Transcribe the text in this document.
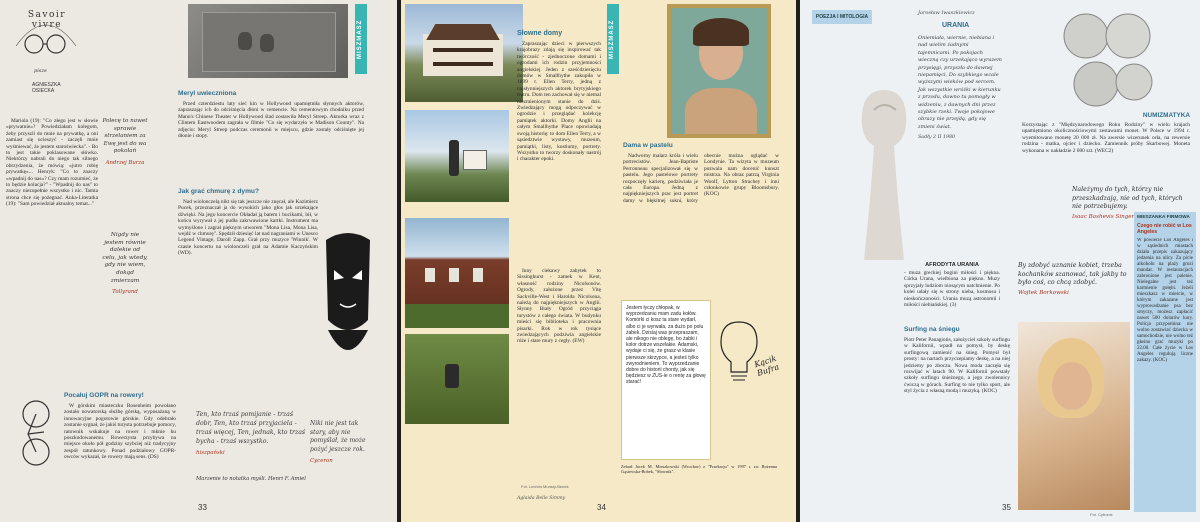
Savoir vivre
pisze
AGNIESZKA OSIECKA
MISZMASZ

Mariola (19): "Co złego jest w słowie «prywatnie»? Powiedziałam kolegom, żeby przyszli do mnie na prywatkę, a oni zamiast się ucieszyć - zaczęli mnie wyśmiewać, że jestem staroświecka". - Bo to jest takie poklasowane słówko. Niektórzy nabrali do niego tak silnego obrzydzenia, że mówią: «jutro robię prywatkę»... Henryk: "Co to znaczy «wpadnij do nas»? Czy mam rozumieć, że to będzie kolacja?" - "Wpadnij do nas" to znaczy niezupełnie wszystko i nic. Tamta strona chce się pożegnać. Anka-Literatka (19): "Sam powiedział aktualny temat..."

Polecę to nawet sprawie strzelaniem za Ewę jest do wa pokolań
Andrzej Burza
Nigdy nie jestem równie dalekie od celu, jak wtedy, gdy nie wiem, dokąd zmierzam
Tollyrand
Meryl uwieczniona

Przed czterdziestu laty sieć kin w Hollywood upamiętniła słynnych aktorów, zapraszając ich do odciśnięcia dłoni w cemencie. Na cementowym chodniku przed Mann's Chinese Theater w Hollywood ślad zostawiła Meryl Streep. Aktorka wraz z Clintem Eastwoodem zagrała w filmie "Co się wydarzyło w Madison County". Na zdjęciu: Meryl Streep podczas ceremonii w miejscu, gdzie zostały odciśnięte jej dłonie i stopy.

Jak grać chmurę z dymu?

Nad wiolonczelą nikt się tak jeszcze nie znęcał, ale Kazimierz Pucek, przeznaczał ja do wysokich jako głos jak urzekające dźwięki. Na jego koncercie Okładał ją batem i bucikami, bił, w końcu wyrywał z jej pudła zakrwawione kartki. Instrument ma wymyślone i zagrał pięknym utworem "Mona Lisa, Mona Lisa, wejdź w chmurę". Spędził dziesięć lat nad nagraniami w Unesco Legend Vintage, Daroll Zapp. Grał przy muzyce 'Winnik'. W czasie koncertu na wiolonczeli grał na Adamie Kaczyńskim (WD).

Ten, kto trzaś pomijanie - trzaś dobr, Ten, kto trzaś przyjaciela - trzaś więcej, Ten, jednak, kto trzaś bycha - trzaś wszystko.
hiszpański
Niki nie jest tak stary, aby nie pomyślał, że może pożyć jeszcze rok.
Cyceron
Marzenie to notatka myśli. Henri F. Amiel
Pocałuj GOPR na rowery!

W górskim miasteczku Rosenheim powołano zostało nowatorską służbę górską, wyposażaną w innowacyjne pogotowie górskie. Gdy odebrało zostanie sygnał, że jakiś turysta potrzebuje pomocy, ratownik wskakuje na rower i mknie ku poszkodowanemu. Rowerzysta przybywa na miejsce około pół godziny szybciej niż tradycyjny zespół ratunkowy. Ponad podziałowy GOPR-owców wykazał, że rowery mają sens. (DS)

33
Fot. Lechim Munsty-Benek
Słowne domy

Zapraszając dzieci w pierwszych krajobrazy zdają się inspirować tak twórczość - zjednoczone domami i ogrodami ich rodzin przyjemności angielskiej. Jeden z sześćdziesięciu domów w Smallhythe zakupiła w 1899 r. Ellen Terry, jedną z najsłynniejszych aktorek brytyjskiego teatru. Dom ten zachował się w niemal niezmienionym stanie do dziś. Zwiedzający mogą odpoczywać w ogrodzie i przeglądać kolekcję pamiątek aktorki. Domy Anglii na całym Smallhythe Place opowiadają swoją historię: to dom Ellen Terry, a w sąsiedztwie wystawy, muzeum, pamiątki, listy, kostiumy, portrety. Wszystko to tworzy doskonały nastrój i charakter epoki.

Inny ciekawy zabytek to Sissinghurst - zamek w Kent, własność rodziny Nicolsonów. Ogrody, założone przez Vitę Sackville-West i Harolda Nicolsona, należą do najpiękniejszych w Anglii. Słynny Biały Ogród przyciąga turystów z całego świata. W budynku mieści się biblioteka i pracownia pisarki. Rok w rok tysiące zwiedzających podziwia angielskie róże i stare mury z cegły. (EW)

MISZMASZ
Dama w pastelu

Nadworny malarz króla i wielu portrecistów. Jean-Baptiste Perronneau specjalizował się w pastelu. Jego pastelowe portrety rozpoczęły karierę, podziwiała je cała Europa. Jedną z najpiękniejszych prac jest portret damy w błękitnej sukni, który obecnie można oglądać w Londynie. Ta wizyta w muzeum pozwala nam docenić kunszt mistrza. Na obraz patrzą Virginia Woolf, Lytton Strachey i inni członkowie grupy Bloomsbury. (KOC)

Jestem łyczy chłopak, w wyprzedzaniu mam zadu kołów. Komórki ci kosz ta stare wydarł, albo ci je wyrwała, za dużo po polu żabek. Dzisiaj was przepraszam, ale nikogo nie oblegę, bo żabki i kolor dotrze wszelakie. Adamski, wydaje ci się, że grasz w klasie pierwsze skrzypce, a jesteś tylko zwyrodnieniem. To wyprzedzanie dobre do historii chordy, jak się będziesz w ZUS-ie o rentę za głowę starać!
Kącik Bufra
Zebrał Jacek M. Mieszkowski (Wrocław) z "Przekroju" w 1997 r. za: Bożenna Gąsiewska-Bobek, "Słownik".
Aglaida Belle Simmy
34
POEZJA I MITOLOGIA
Jarosław Iwaszkiewicz
URANIA
Oniemiała, wiernie, niebiana i nad wielim żadnymi tajemnicami. Po pokojach wieczną czy urzekająco wyrazem przysięgi, przyszła do dawnej niepamięci, Do szybkiego wcale wyższymi wieków pod sercem. Jak wszystkie wróżki w kierunku z przodu, dawno tu pomogły w widzeniu, z dawnych dni przez szybkie rzeki. Twoje pokojowe obrazy nie przejdą, gdy się zmieni świat.
Sadły 2 II 1980
AFRODYTA URANIA
- muza greckiej bogini miłości i piękna. Córka Urana, wielbiona za piękno. Muzy sprzyjały ludziom niosącym natchnienie. Po kolei udały się w strony nieba, kosmosu i nieskończoności. Urania muzą astronomii i miłości niebiańskiej. (3)
NUMIZMATYKA
Korzystając z "Międzynarodowego Roku Rodziny" w wielu krajach upamiętniono okolicznościowymi zestawami monet. W Polsce w 1994 r. wyemitowano monetę 20 000 zł. Na awersie wizerunek orła, na rewersie rodzina - matka, ojciec i dziecko. Zamiennik próby Skarbowej. Moneta wykonana w nakładzie 2 000 szt. (WEC2)
Należymy do tych, którzy nie przeszkadzają, nie od tych, których nie potrzebujemy.
Isaac Bashevis Singer
By zdobyć uznanie kobiet, trzeba kochanków szanować, tak jakby to było coś, co chcą zdobyć.
Wojtek Borkowski
Surfing na śniegu
Piotr Peter Panagiotis, założyciel szkoły surfingu w Kalifornii, wpadł na pomysł, by deskę surfingową zamienić na śnieg. Pomysł był prosty: na nartach przyczepiamy deskę, a na niej jedziemy po zboczu. Nowa moda zaczęła się rozwijać w latach 90. W Kalifornii powstały szkoły surfingu śnieżnego, a jego zwolennicy ćwiczą w górach. Surfing to nie tylko sport, ale styl życia z własną modą i muzyką. (KOC)
Fot. Cyfronix
MIESZANKA FIRMOWA
Czego nie robić w Los Angeles
W powiecie Los Angeles i w sąsiednich miastach działa przepis zakazujący jedzenia na ulicy. Za picie alkoholu na plaży grozi mandat. W restauracjach zabronione jest palenie. Nielegalne jest też karmienie gołębi. Jeżeli mieszkasz w mieście, w którym zakazane jest wyprowadzanie psa bez smyczy, możesz zapłacić nawet 500 dolarów kary. Policja przypomina: nie wolno zostawiać dziecka w samochodzie, nie wolno też głośno grać muzyki po 22.00. Całe życie w Los Angeles regulują liczne zakazy. (KOC)
35
